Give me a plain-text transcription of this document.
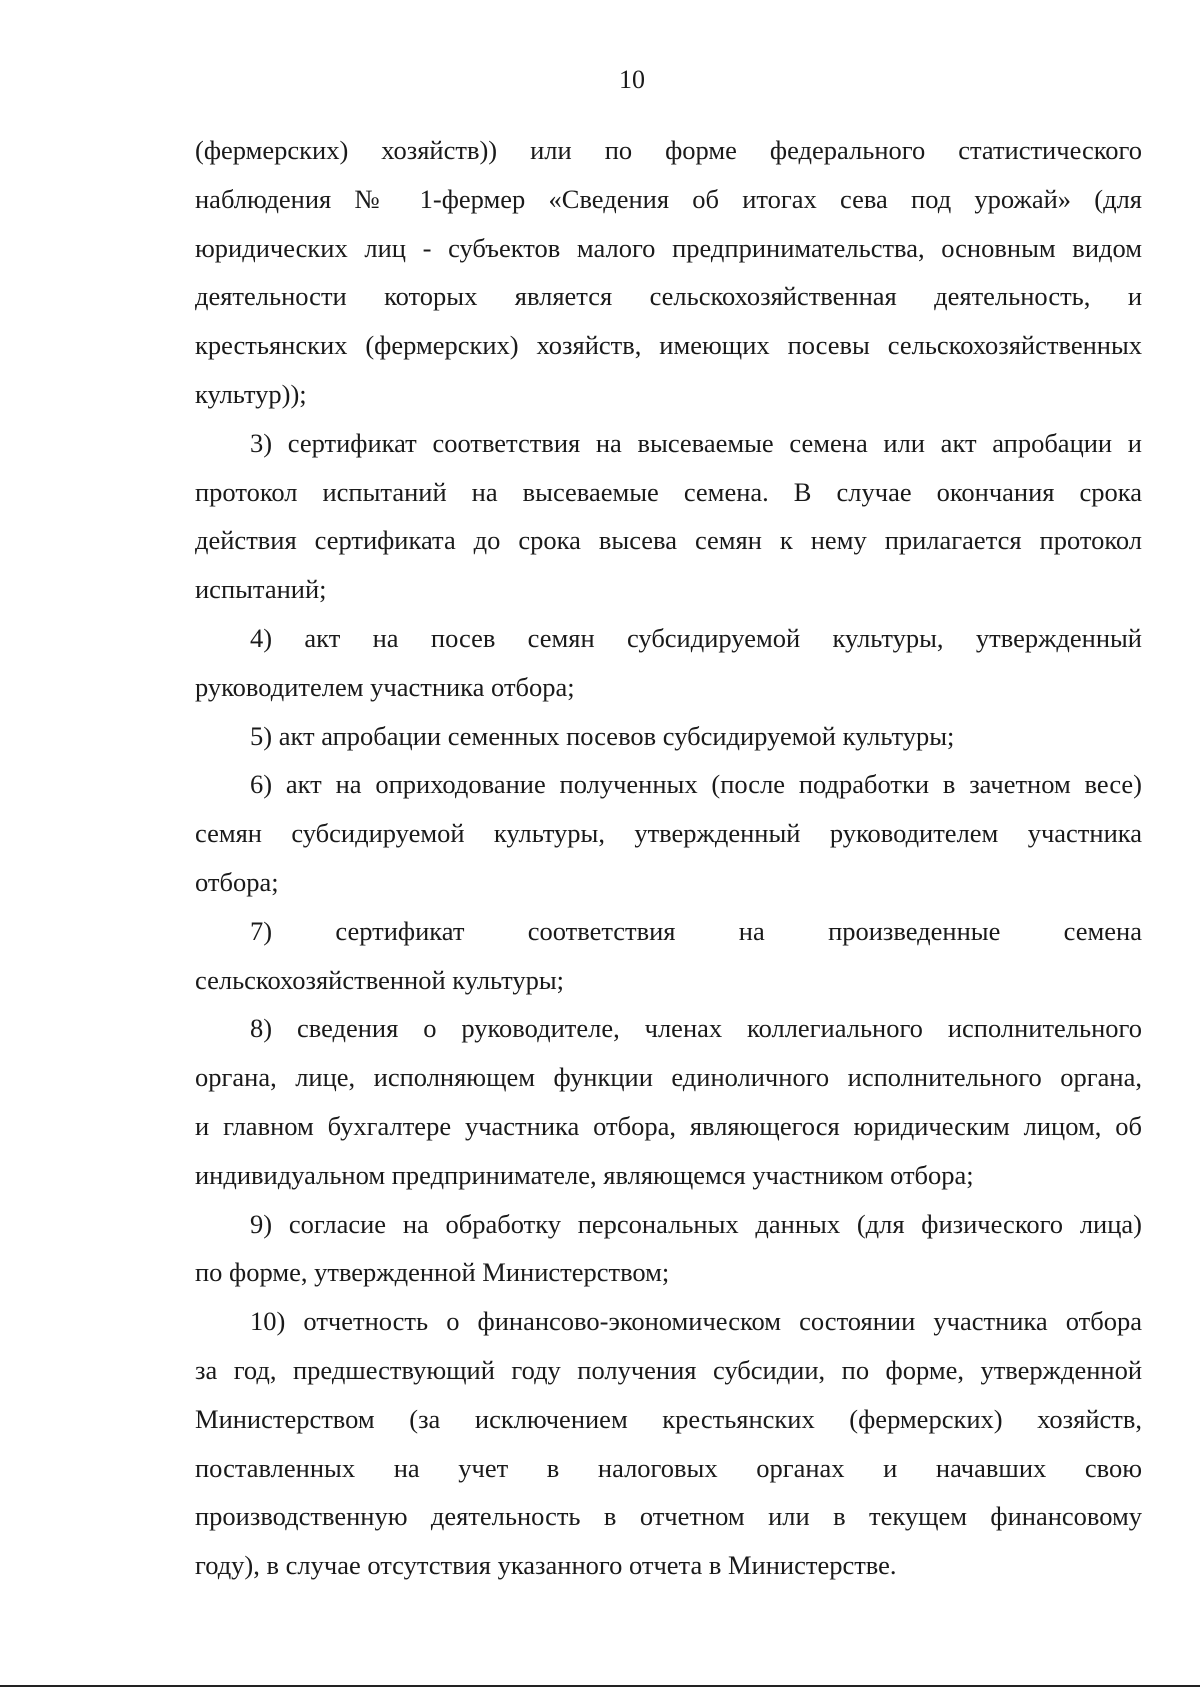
10
(фермерских) хозяйств)) или по форме федерального статистического
наблюдения № 1-фермер «Сведения об итогах сева под урожай» (для
юридических лиц - субъектов малого предпринимательства, основным видом
деятельности которых является сельскохозяйственная деятельность, и
крестьянских (фермерских) хозяйств, имеющих посевы сельскохозяйственных
культур));
3) сертификат соответствия на высеваемые семена или акт апробации и
протокол испытаний на высеваемые семена. В случае окончания срока
действия сертификата до срока высева семян к нему прилагается протокол
испытаний;
4) акт на посев семян субсидируемой культуры, утвержденный
руководителем участника отбора;
5) акт апробации семенных посевов субсидируемой культуры;
6) акт на оприходование полученных (после подработки в зачетном весе)
семян субсидируемой культуры, утвержденный руководителем участника
отбора;
7) сертификат соответствия на произведенные семена
сельскохозяйственной культуры;
8) сведения о руководителе, членах коллегиального исполнительного
органа, лице, исполняющем функции единоличного исполнительного органа,
и главном бухгалтере участника отбора, являющегося юридическим лицом, об
индивидуальном предпринимателе, являющемся участником отбора;
9) согласие на обработку персональных данных (для физического лица)
по форме, утвержденной Министерством;
10) отчетность о финансово-экономическом состоянии участника отбора
за год, предшествующий году получения субсидии, по форме, утвержденной
Министерством (за исключением крестьянских (фермерских) хозяйств,
поставленных на учет в налоговых органах и начавших свою
производственную деятельность в отчетном или в текущем финансовому
году), в случае отсутствия указанного отчета в Министерстве.
